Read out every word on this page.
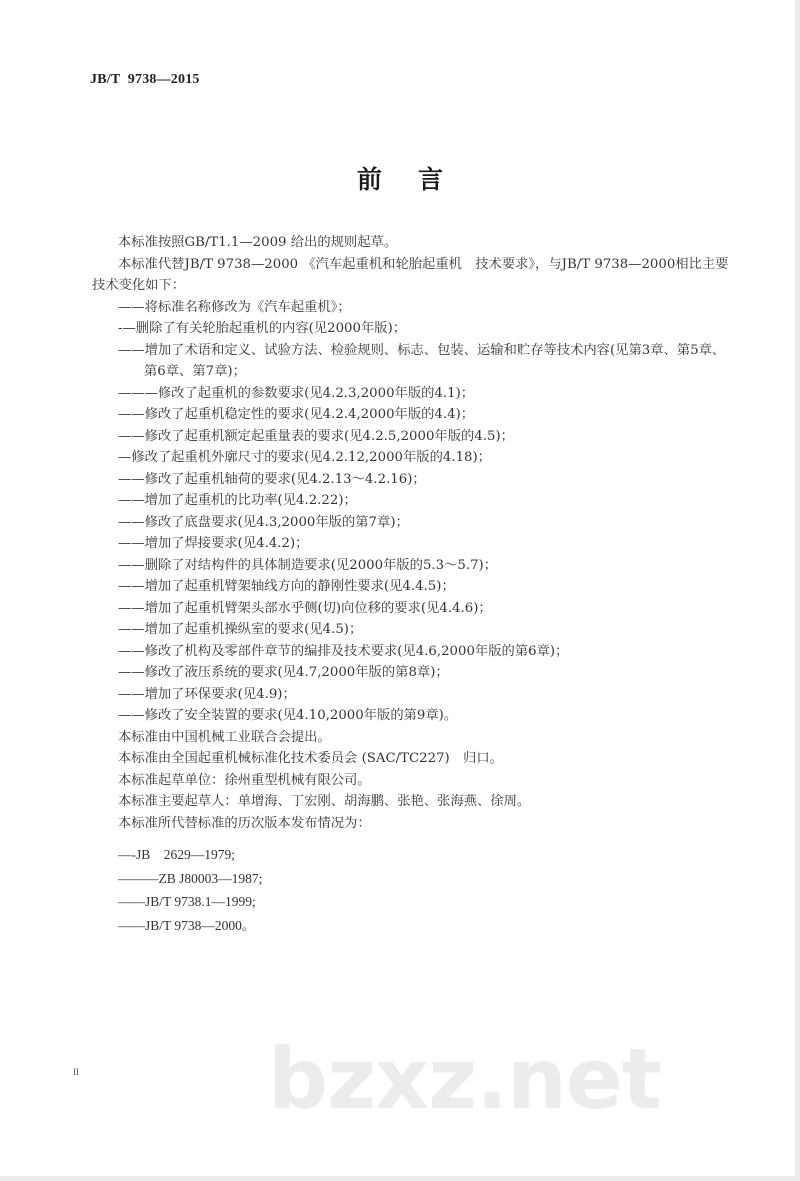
JB/T 9738—2015
前言
本标准按照GB/T1.1—2009 给出的规则起草。
本标准代替JB/T 9738—2000 《汽车起重机和轮胎起重机　技术要求》，与JB/T 9738—2000相比主要技术变化如下：
——将标准名称修改为《汽车起重机》；
-—删除了有关轮胎起重机的内容(见2000年版)；
——增加了术语和定义、试验方法、检验规则、标志、包装、运输和贮存等技术内容(见第3章、第5章、第6章、第7章)；
———修改了起重机的参数要求(见4.2.3,2000年版的4.1)；
——修改了起重机稳定性的要求(见4.2.4,2000年版的4.4)；
——修改了起重机额定起重量表的要求(见4.2.5,2000年版的4.5)；
—修改了起重机外廓尺寸的要求(见4.2.12,2000年版的4.18)；
——修改了起重机轴荷的要求(见4.2.13～4.2.16)；
——增加了起重机的比功率(见4.2.22)；
——修改了底盘要求(见4.3,2000年版的第7章)；
——增加了焊接要求(见4.4.2)；
——删除了对结构件的具体制造要求(见2000年版的5.3～5.7)；
——增加了起重机臂架轴线方向的静刚性要求(见4.4.5)；
——增加了起重机臂架头部水乎侧(切)向位移的要求(见4.4.6)；
——增加了起重机操纵室的要求(见4.5)；
——修改了机构及零部件章节的编排及技术要求(见4.6,2000年版的第6章)；
——修改了液压系统的要求(见4.7,2000年版的第8章)；
——增加了环保要求(见4.9)；
——修改了安全装置的要求(见4.10,2000年版的第9章)。
本标准由中国机械工业联合会提出。
本标准由全国起重机械标准化技术委员会 (SAC/TC227)　归口。
本标准起草单位：徐州重型机械有限公司。
本标准主要起草人：单增海、丁宏刚、胡海鹏、张艳、张海燕、徐周。
本标准所代替标准的历次版本发布情况为：
—-JB　2629—1979;
———ZB J80003—1987;
——JB/T 9738.1—1999;
——JB/T 9738—2000。
II bzxz.net
